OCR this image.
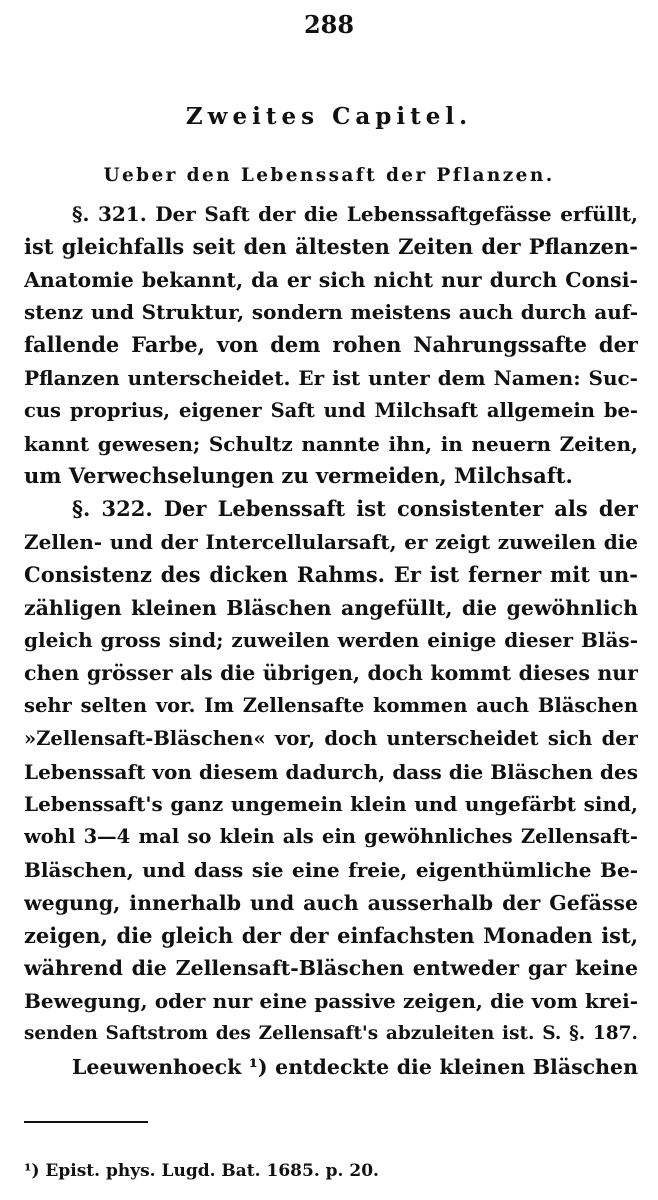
288
Zweites Capitel.
Ueber den Lebenssaft der Pflanzen.
§. 321. Der Saft der die Lebenssaftgefässe erfüllt,
ist gleichfalls seit den ältesten Zeiten der Pflanzen-
Anatomie bekannt, da er sich nicht nur durch Consi-
stenz und Struktur, sondern meistens auch durch auf-
fallende Farbe, von dem rohen Nahrungssafte der
Pflanzen unterscheidet. Er ist unter dem Namen: Suc-
cus proprius, eigener Saft und Milchsaft allgemein be-
kannt gewesen; Schultz nannte ihn, in neuern Zeiten,
um Verwechselungen zu vermeiden, Milchsaft.
§. 322. Der Lebenssaft ist consistenter als der
Zellen- und der Intercellularsaft, er zeigt zuweilen die
Consistenz des dicken Rahms. Er ist ferner mit un-
zähligen kleinen Bläschen angefüllt, die gewöhnlich
gleich gross sind; zuweilen werden einige dieser Bläs-
chen grösser als die übrigen, doch kommt dieses nur
sehr selten vor. Im Zellensafte kommen auch Bläschen
»Zellensaft-Bläschen« vor, doch unterscheidet sich der
Lebenssaft von diesem dadurch, dass die Bläschen des
Lebenssaft's ganz ungemein klein und ungefärbt sind,
wohl 3—4 mal so klein als ein gewöhnliches Zellensaft-
Bläschen, und dass sie eine freie, eigenthümliche Be-
wegung, innerhalb und auch ausserhalb der Gefässe
zeigen, die gleich der der einfachsten Monaden ist,
während die Zellensaft-Bläschen entweder gar keine
Bewegung, oder nur eine passive zeigen, die vom krei-
senden Saftstrom des Zellensaft's abzuleiten ist. S. §. 187.
Leeuwenhoeck ¹) entdeckte die kleinen Bläschen
¹) Epist. phys. Lugd. Bat. 1685. p. 20.
